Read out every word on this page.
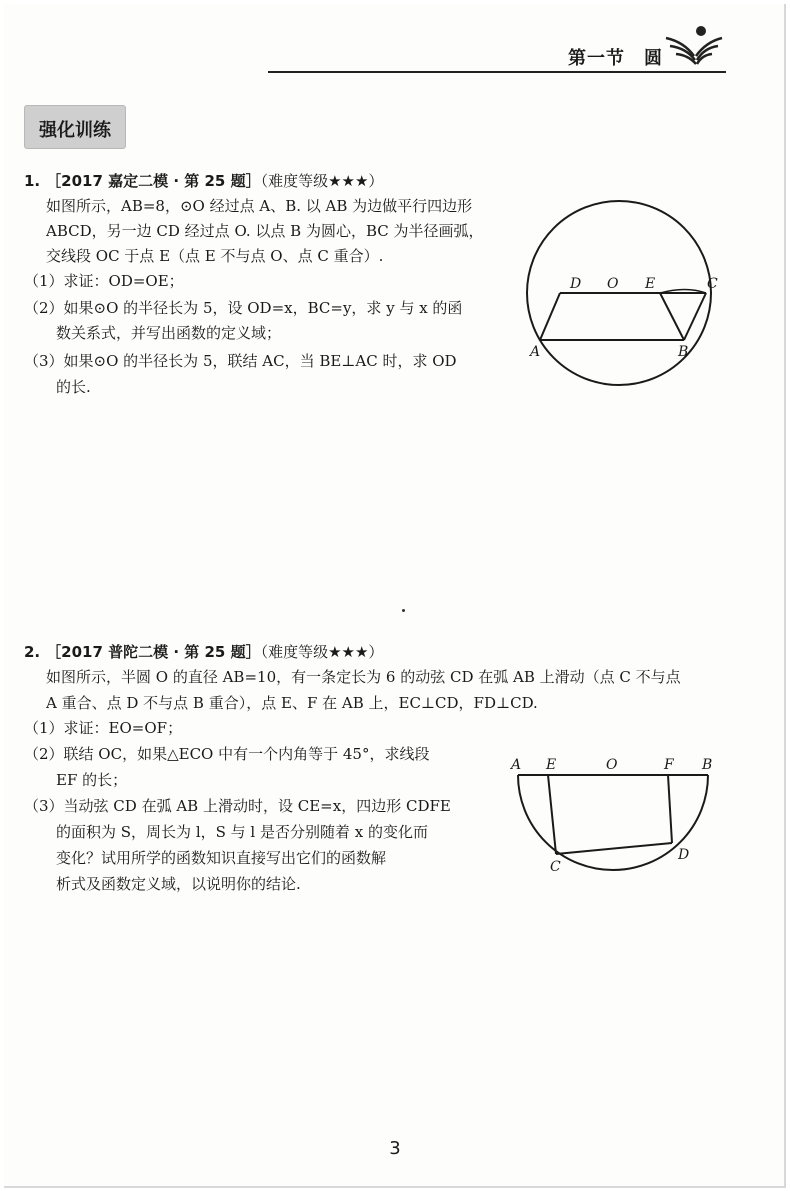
第一节　圆
强化训练
1. ［2017 嘉定二模 · 第 25 题］（难度等级★★★）
如图所示，AB=8，⊙O 经过点 A、B. 以 AB 为边做平行四边形
ABCD，另一边 CD 经过点 O. 以点 B 为圆心，BC 为半径画弧，
交线段 OC 于点 E（点 E 不与点 O、点 C 重合）.
（1）求证：OD=OE；
（2）如果⊙O 的半径长为 5，设 OD=x，BC=y，求 y 与 x 的函
数关系式，并写出函数的定义域；
（3）如果⊙O 的半径长为 5，联结 AC，当 BE⊥AC 时，求 OD
的长.
D O E	C
A	B
2. ［2017 普陀二模 · 第 25 题］（难度等级★★★）
如图所示，半圆 O 的直径 AB=10，有一条定长为 6 的动弦 CD 在弧 AB 上滑动（点 C 不与点
A 重合、点 D 不与点 B 重合），点 E、F 在 AB 上，EC⊥CD，FD⊥CD.
（1）求证：EO=OF；
（2）联结 OC，如果△ECO 中有一个内角等于 45°，求线段
EF 的长；
（3）当动弦 CD 在弧 AB 上滑动时，设 CE=x，四边形 CDFE
的面积为 S，周长为 l，S 与 l 是否分别随着 x 的变化而
变化？试用所学的函数知识直接写出它们的函数解
析式及函数定义域，以说明你的结论.
A E	O	F B
C
D
3
